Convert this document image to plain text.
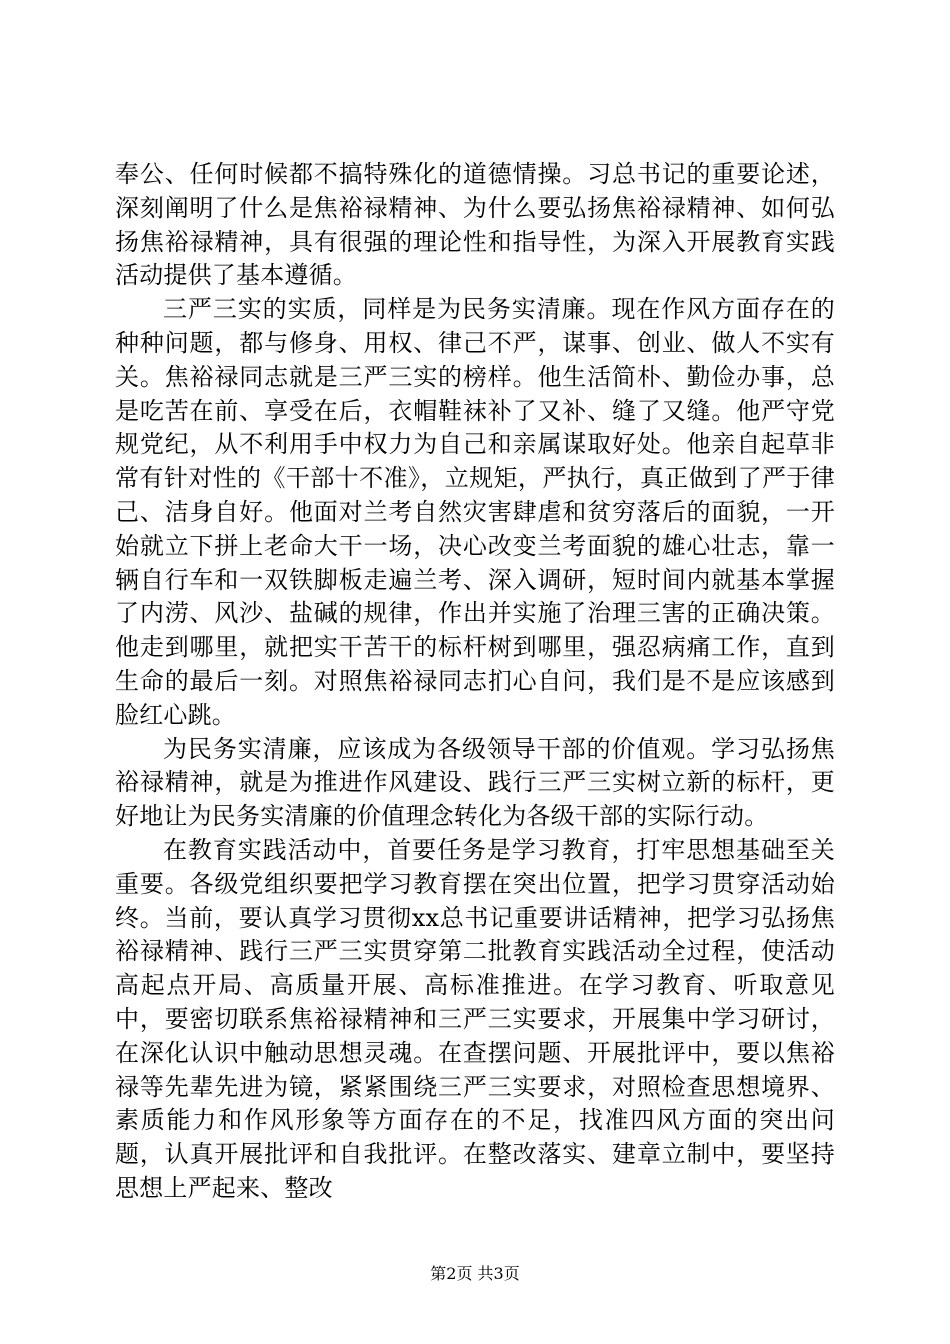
奉公、任何时候都不搞特殊化的道德情操。习总书记的重要论述，深刻阐明了什么是焦裕禄精神、为什么要弘扬焦裕禄精神、如何弘扬焦裕禄精神，具有很强的理论性和指导性，为深入开展教育实践活动提供了基本遵循。

三严三实的实质，同样是为民务实清廉。现在作风方面存在的种种问题，都与修身、用权、律己不严，谋事、创业、做人不实有关。焦裕禄同志就是三严三实的榜样。他生活简朴、勤俭办事，总是吃苦在前、享受在后，衣帽鞋袜补了又补、缝了又缝。他严守党规党纪，从不利用手中权力为自己和亲属谋取好处。他亲自起草非常有针对性的《干部十不准》，立规矩，严执行，真正做到了严于律己、洁身自好。他面对兰考自然灾害肆虐和贫穷落后的面貌，一开始就立下拼上老命大干一场，决心改变兰考面貌的雄心壮志，靠一辆自行车和一双铁脚板走遍兰考、深入调研，短时间内就基本掌握了内涝、风沙、盐碱的规律，作出并实施了治理三害的正确决策。他走到哪里，就把实干苦干的标杆树到哪里，强忍病痛工作，直到生命的最后一刻。对照焦裕禄同志扪心自问，我们是不是应该感到脸红心跳。

为民务实清廉，应该成为各级领导干部的价值观。学习弘扬焦裕禄精神，就是为推进作风建设、践行三严三实树立新的标杆，更好地让为民务实清廉的价值理念转化为各级干部的实际行动。

在教育实践活动中，首要任务是学习教育，打牢思想基础至关重要。各级党组织要把学习教育摆在突出位置，把学习贯穿活动始终。当前，要认真学习贯彻xx总书记重要讲话精神，把学习弘扬焦裕禄精神、践行三严三实贯穿第二批教育实践活动全过程，使活动高起点开局、高质量开展、高标准推进。在学习教育、听取意见中，要密切联系焦裕禄精神和三严三实要求，开展集中学习研讨，在深化认识中触动思想灵魂。在查摆问题、开展批评中，要以焦裕禄等先辈先进为镜，紧紧围绕三严三实要求，对照检查思想境界、素质能力和作风形象等方面存在的不足，找准四风方面的突出问题，认真开展批评和自我批评。在整改落实、建章立制中，要坚持思想上严起来、整改

第2页 共3页
